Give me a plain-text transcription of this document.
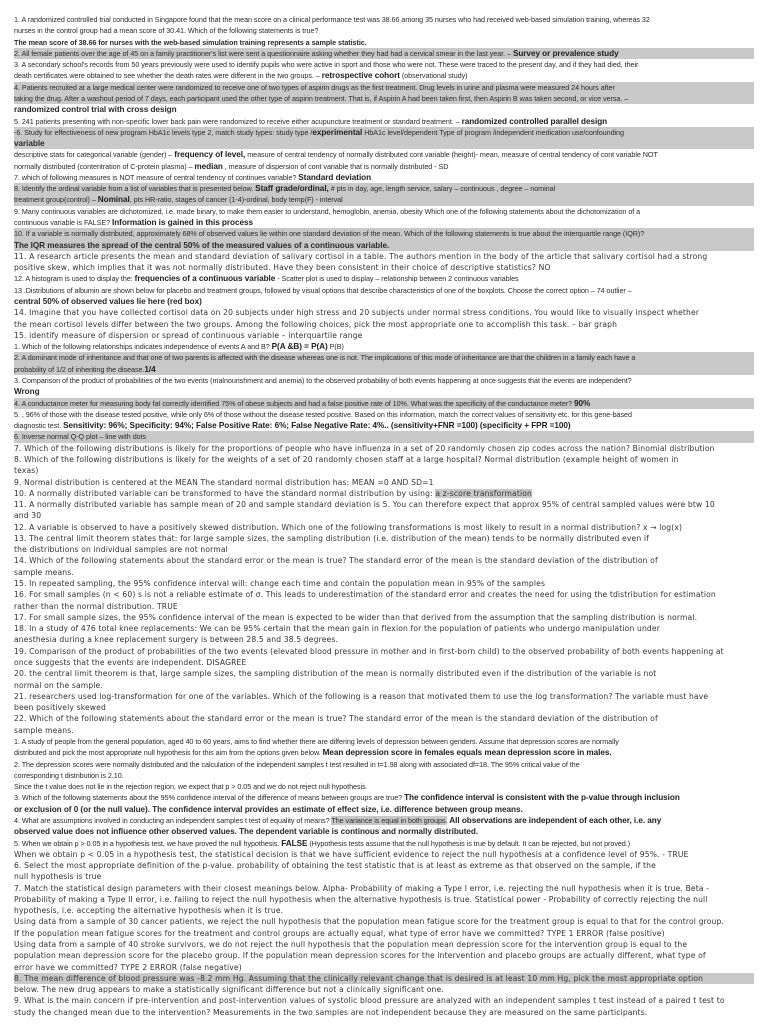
1. A randomized controlled trial conducted in Singapore found that the mean score on a clinical performance test was 38.66 among 35 nurses who had received web-based simulation training, whereas 32
nurses in the control group had a mean score of 30.41. Which of the following statements is true?
The mean score of 38.66 for nurses with the web-based simulation training represents a sample statistic.
2. All female patients over the age of 45 on a family practitioner's list were sent a questionnaire asking whether they had had a cervical smear in the last year. – Survey or prevalence study
3. A secondary school's records from 50 years previously were used to identify pupils who were active in sport and those who were not. These were traced to the present day, and if they had died, their
death certificates were obtained to see whether the death rates were different in the two groups. – retrospective cohort (observational study)
4. Patients recruited at a large medical center were randomized to receive one of two types of aspirin drugs as the first treatment. Drug levels in urine and plasma were measured 24 hours after
taking the drug. After a washout period of 7 days, each participant used the other type of aspirin treatment. That is, if Aspirin A had been taken first, then Aspirin B was taken second, or vice versa. –
randomized control trial with cross design
5. 241 patients presenting with non-specific lower back pain were randomized to receive either acupuncture treatment or standard treatment. – randomized controlled parallel design
-6. Study for effectiveness of new program HbA1c levels type 2, match study types: study type /experimental HbA1c level/dependent Type of program /independent medication use/confounding
variable
descriptive stats for categorical variable (gender) – frequency of level, measure of central tendency of normally distributed cont variable (height)- mean, measure of central tendency of cont variable NOT
normally distributed (contentration of C-protein plasma) – median , measure of dispersion of cont variable that is normally distributed - SD
7. which of following measures is NOT measure of central tendency of continues variable? Standard deviation
8. Identify the ordinal variable from a list of variables that is presented below. Staff grade/ordinal, # pts in day, age, length service, salary – continuous , degree – nominal
treatment group(control) – Nominal, pts HR-ratio, stages of cancer (1-4)-ordinal, body temp(F) - interval
9. Many continuous variables are dichotomized, i.e. made binary, to make them easier to understand, hemoglobin, anemia, obesity Which one of the following statements about the dichotomization of a
continuous variable is FALSE? Information is gained in this process
10. If a variable is normally distributed, approximately 68% of observed values lie within one standard deviation of the mean. Which of the following statements is true about the interquartile range (IQR)?
The IQR measures the spread of the central 50% of the measured values of a continuous variable.
11. A research article presents the mean and standard deviation of salivary cortisol in a table. The authors mention in the body of the article that salivary cortisol had a strong
positive skew, which implies that it was not normally distributed. Have they been consistent in their choice of descriptive statistics? NO
12. A histogram is used to display the: frequencies of a continuous variable - Scatter plot is used to display – relationship between 2 continuous variables
13 .Distributions of albumin are shown below for placebo and treatment groups, followed by visual options that describe characteristics of one of the boxplots. Choose the correct option – 74 outlier –
central 50% of observed values lie here (red box)
14. Imagine that you have collected cortisol data on 20 subjects under high stress and 20 subjects under normal stress conditions. You would like to visually inspect whether
the mean cortisol levels differ between the two groups. Among the following choices, pick the most appropriate one to accomplish this task. – bar graph
15. identify measure of dispersion or spread of continuous variable – interquartile range
1. Which of the following relationships indicates independence of events A and B? P(A &B) = P(A) P(B)
2. A dominant mode of inheritance and that one of two parents is affected with the disease whereas one is not. The implications of this mode of inheritance are that the children in a family each have a
probability of 1/2 of inheriting the disease.1/4
3. Comparison of the product of probabilities of the two events (malnourishment and anemia) to the observed probability of both events happening at once suggests that the events are independent?
Wrong
4. A conductance meter for measuring body fat correctly identified 75% of obese subjects and had a false positive rate of 10%. What was the specificity of the conductance meter? 90%
5. , 96% of those with the disease tested positive, while only 6% of those without the disease tested positive. Based on this information, match the correct values of sensitivity etc. for this gene-based
diagnostic test. Sensitivity: 96%; Specificity: 94%; False Positive Rate: 6%; False Negative Rate: 4%.. (sensitivity+FNR =100) (specificity + FPR =100)
6. Inverse normal Q-Q plot – line with dots
7. Which of the following distributions is likely for the proportions of people who have influenza in a set of 20 randomly chosen zip codes across the nation? Binomial distribution
8. Which of the following distributions is likely for the weights of a set of 20 randomly chosen staff at a large hospital? Normal distribution (example height of women in
texas)
9. Normal distribution is centered at the MEAN The standard normal distribution has: MEAN =0 AND SD=1
10. A normally distributed variable can be transformed to have the standard normal distribution by using: a z-score transformation
11. A normally distributed variable has sample mean of 20 and sample standard deviation is 5. You can therefore expect that approx 95% of central sampled values were btw 10
and 30
12. A variable is observed to have a positively skewed distribution. Which one of the following transformations is most likely to result in a normal distribution? x → log(x)
13. The central limit theorem states that: for large sample sizes, the sampling distribution (i.e. distribution of the mean) tends to be normally distributed even if
the distributions on individual samples are not normal
14. Which of the following statements about the standard error or the mean is true? The standard error of the mean is the standard deviation of the distribution of
sample means.
15. In repeated sampling, the 95% confidence interval will: change each time and contain the population mean in 95% of the samples
16. For small samples (n < 60) s is not a reliable estimate of σ. This leads to underestimation of the standard error and creates the need for using the tdistribution for estimation
rather than the normal distribution. TRUE
17. For small sample sizes, the 95% confidence interval of the mean is expected to be wider than that derived from the assumption that the sampling distribution is normal.
18. In a study of 476 total knee replacements: We can be 95% certain that the mean gain in flexion for the population of patients who undergo manipulation under
anesthesia during a knee replacement surgery is between 28.5 and 38.5 degrees.
19. Comparison of the product of probabilities of the two events (elevated blood pressure in mother and in first-born child) to the observed probability of both events happening at
once suggests that the events are independent. DISAGREE
20. the central limit theorem is that, large sample sizes, the sampling distribution of the mean is normally distributed even if the distribution of the variable is not
normal on the sample.
21. researchers used log-transformation for one of the variables. Which of the following is a reason that motivated them to use the log transformation? The variable must have
been positively skewed
22. Which of the following statements about the standard error or the mean is true? The standard error of the mean is the standard deviation of the distribution of
sample means.
1. A study of people from the general population, aged 40 to 60 years, aims to find whether there are differing levels of depression between genders. Assume that depression scores are normally
distributed and pick the most appropriate null hypothesis for this aim from the options given below. Mean depression score in females equals mean depression score in males.
2. The depression scores were normally distributed and the calculation of the independent samples t test resulted in t=1.98 along with associated df=18. The 95% critical value of the
corresponding t distribution is 2.10.
Since the t value does not lie in the rejection region, we expect that p > 0.05 and we do not reject null hypothesis
3. Which of the following statements about the 95% confidence interval of the difference of means between groups are true? The confidence interval is consistent with the p-value through inclusion
or exclusion of 0 (or the null value). The confidence interval provides an estimate of effect size, i.e. difference between group means.
4. What are assumptions involved in conducting an independent samples t test of equality of means? The variance is equal in both groups. All observations are independent of each other, i.e. any
observed value does not influence other observed values. The dependent variable is continous and normally distributed.
5. When we obtain p > 0.05 in a hypothesis test, we have proved the null hypothesis. FALSE (Hypothesis tests assume that the null hypothesis is true by default. It can be rejected, but not proved.)
When we obtain p < 0.05 in a hypothesis test, the statistical decision is that we have sufficient evidence to reject the null hypothesis at a confidence level of 95%. - TRUE
6. Select the most appropriate definition of the p-value. probability of obtaining the test statistic that is at least as extreme as that observed on the sample, if the
null hypothesis is true
7. Match the statistical design parameters with their closest meanings below. Alpha- Probability of making a Type I error, i.e. rejecting the null hypothesis when it is true. Beta -
Probability of making a Type II error, i.e. failing to reject the null hypothesis when the alternative hypothesis is true. Statistical power - Probability of correctly rejecting the null
hypothesis, i.e. accepting the alternative hypothesis when it is true.
Using data from a sample of 30 cancer patients, we reject the null hypothesis that the population mean fatigue score for the treatment group is equal to that for the control group.
If the population mean fatigue scores for the treatment and control groups are actually equal, what type of error have we committed? TYPE 1 ERROR (false positive)
Using data from a sample of 40 stroke survivors, we do not reject the null hypothesis that the population mean depression score for the intervention group is equal to the
population mean depression score for the placebo group. If the population mean depression scores for the intervention and placebo groups are actually different, what type of
error have we committed? TYPE 2 ERROR (false negative)
8. The mean difference of blood pressure was -8.2 mm Hg. Assuming that the clinically relevant change that is desired is at least 10 mm Hg, pick the most appropriate option
below. The new drug appears to make a statistically significant difference but not a clinically significant one.
9. What is the main concern if pre-intervention and post-intervention values of systolic blood pressure are analyzed with an independent samples t test instead of a paired t test to
study the changed mean due to the intervention? Measurements in the two samples are not independent because they are measured on the same participants.
